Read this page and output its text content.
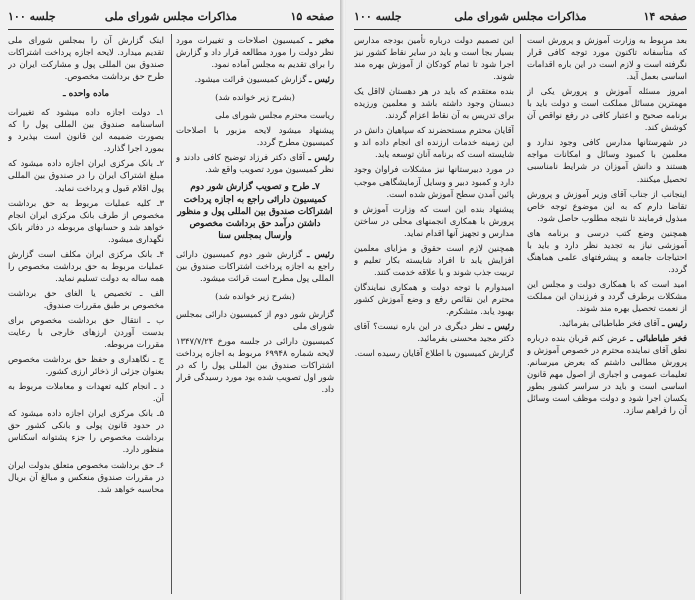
صفحه ۱۵
مذاکرات مجلس شورای ملی
جلسه ۱۰۰

مخبر ـ کمیسیون اصلاحات و تغییرات مورد نظر دولت را مورد مطالعه قرار داد و گزارش را برای تقدیم به مجلس آماده نمود.

رئیس ـ گزارش کمیسیون قرائت میشود.

(بشرح زیر خوانده شد)

ریاست محترم مجلس شورای ملی

پیشنهاد میشود لایحه مزبور با اصلاحات کمیسیون مطرح گردد.

رئیس ـ آقای دکتر فرزاد توضیح کافی دادند و نظر کمیسیون مورد تصویب واقع شد.

۷ـ طرح و تصویب گزارش شور دوم کمیسیون دارائی راجع به اجازه پرداخت اشتراکات صندوق بین المللی پول و منظور داشتن درآمد حق برداشت مخصوص وارسال بمجلس سنا

رئیس ـ گزارش شور دوم کمیسیون دارائی راجع به اجازه پرداخت اشتراکات صندوق بین المللی پول مطرح است قرائت میشود.

(بشرح زیر خوانده شد)

گزارش شور دوم از کمیسیون دارائی بمجلس شورای ملی

کمیسیون دارائی در جلسه مورخ ۱۳۴۷/۷/۲۴ لایحه شماره ۶۹۹۴۸ مربوط به اجازه پرداخت اشتراکات صندوق بین المللی پول را که در شور اول تصویب شده بود مورد رسیدگی قرار داد.

اینک گزارش آن را بمجلس شورای ملی تقدیم میدارد. لایحه اجازه پرداخت اشتراکات صندوق بین المللی پول و مشارکت ایران در طرح حق برداشت مخصوص.

ماده واحده ـ

۱ـ دولت اجازه داده میشود که تغییرات اساسنامه صندوق بین المللی پول را که بصورت ضمیمه این قانون است بپذیرد و بمورد اجرا گذارد.

۲ـ بانک مرکزی ایران اجازه داده میشود که مبلغ اشتراک ایران را در صندوق بین المللی پول اقلام قبول و پرداخت نماید.

۳ـ کلیه عملیات مربوط به حق برداشت مخصوص از طرف بانک مرکزی ایران انجام خواهد شد و حسابهای مربوطه در دفاتر بانک نگهداری میشود.

۴ـ بانک مرکزی ایران مکلف است گزارش عملیات مربوط به حق برداشت مخصوص را همه ساله به دولت تسلیم نماید.

الف ـ تخصیص یا الغای حق برداشت مخصوص بر طبق مقررات صندوق.

ب ـ انتقال حق برداشت مخصوص برای بدست آوردن ارزهای خارجی با رعایت مقررات مربوطه.

ج ـ نگاهداری و حفظ حق برداشت مخصوص بعنوان جزئی از ذخائر ارزی کشور.

د ـ انجام کلیه تعهدات و معاملات مربوط به آن.

۵ـ بانک مرکزی ایران اجازه داده میشود که در حدود قانون پولی و بانکی کشور حق برداشت مخصوص را جزء پشتوانه اسکناس منظور دارد.

۶ـ حق برداشت مخصوص متعلق بدولت ایران در مقررات صندوق منعکس و مبالغ آن بریال محاسبه خواهد شد.

صفحه ۱۴
مذاکرات مجلس شورای ملی
جلسه ۱۰۰

بعد مربوط به وزارت آموزش و پرورش است که متأسفانه تاکنون مورد توجه کافی قرار نگرفته است و لازم است در این باره اقدامات اساسی بعمل آید.

امروز مسئله آموزش و پرورش یکی از مهمترین مسائل مملکت است و دولت باید با برنامه صحیح و اعتبار کافی در رفع نواقص آن کوشش کند.

در شهرستانها مدارس کافی وجود ندارد و معلمین با کمبود وسائل و امکانات مواجه هستند و دانش آموزان در شرایط نامناسبی تحصیل میکنند.

اینجانب از جناب آقای وزیر آموزش و پرورش تقاضا دارم که به این موضوع توجه خاص مبذول فرمایند تا نتیجه مطلوب حاصل شود.

همچنین وضع کتب درسی و برنامه های آموزشی نیاز به تجدید نظر دارد و باید با احتیاجات جامعه و پیشرفتهای علمی هماهنگ گردد.

امید است که با همکاری دولت و مجلس این مشکلات برطرف گردد و فرزندان این مملکت از نعمت تحصیل بهره مند شوند.

رئیس ـ آقای فخر طباطبائی بفرمائید.

فخر طباطبائی ـ عرض کنم قربان بنده درباره نطق آقای نماینده محترم در خصوص آموزش و پرورش مطالبی داشتم که بعرض میرسانم. تعلیمات عمومی و اجباری از اصول مهم قانون اساسی است و باید در سراسر کشور بطور یکسان اجرا شود و دولت موظف است وسائل آن را فراهم سازد.

این تصمیم دولت درباره تأمین بودجه مدارس بسیار بجا است و باید در سایر نقاط کشور نیز اجرا شود تا تمام کودکان از آموزش بهره مند شوند.

بنده معتقدم که باید در هر دهستان لااقل یک دبستان وجود داشته باشد و معلمین ورزیده برای تدریس به آن نقاط اعزام گردند.

آقایان محترم مستحضرند که سپاهیان دانش در این زمینه خدمات ارزنده ای انجام داده اند و شایسته است که برنامه آنان توسعه یابد.

در مورد دبیرستانها نیز مشکلات فراوان وجود دارد و کمبود دبیر و وسایل آزمایشگاهی موجب پائین آمدن سطح آموزش شده است.

پیشنهاد بنده این است که وزارت آموزش و پرورش با همکاری انجمنهای محلی در ساختن مدارس و تجهیز آنها اقدام نماید.

همچنین لازم است حقوق و مزایای معلمین افزایش یابد تا افراد شایسته بکار تعلیم و تربیت جذب شوند و با علاقه خدمت کنند.

امیدوارم با توجه دولت و همکاری نمایندگان محترم این نقائص رفع و وضع آموزش کشور بهبود یابد. متشکرم.

رئیس ـ نظر دیگری در این باره نیست؟ آقای دکتر مجید محسنی بفرمائید.

گزارش کمیسیون با اطلاع آقایان رسیده است.
